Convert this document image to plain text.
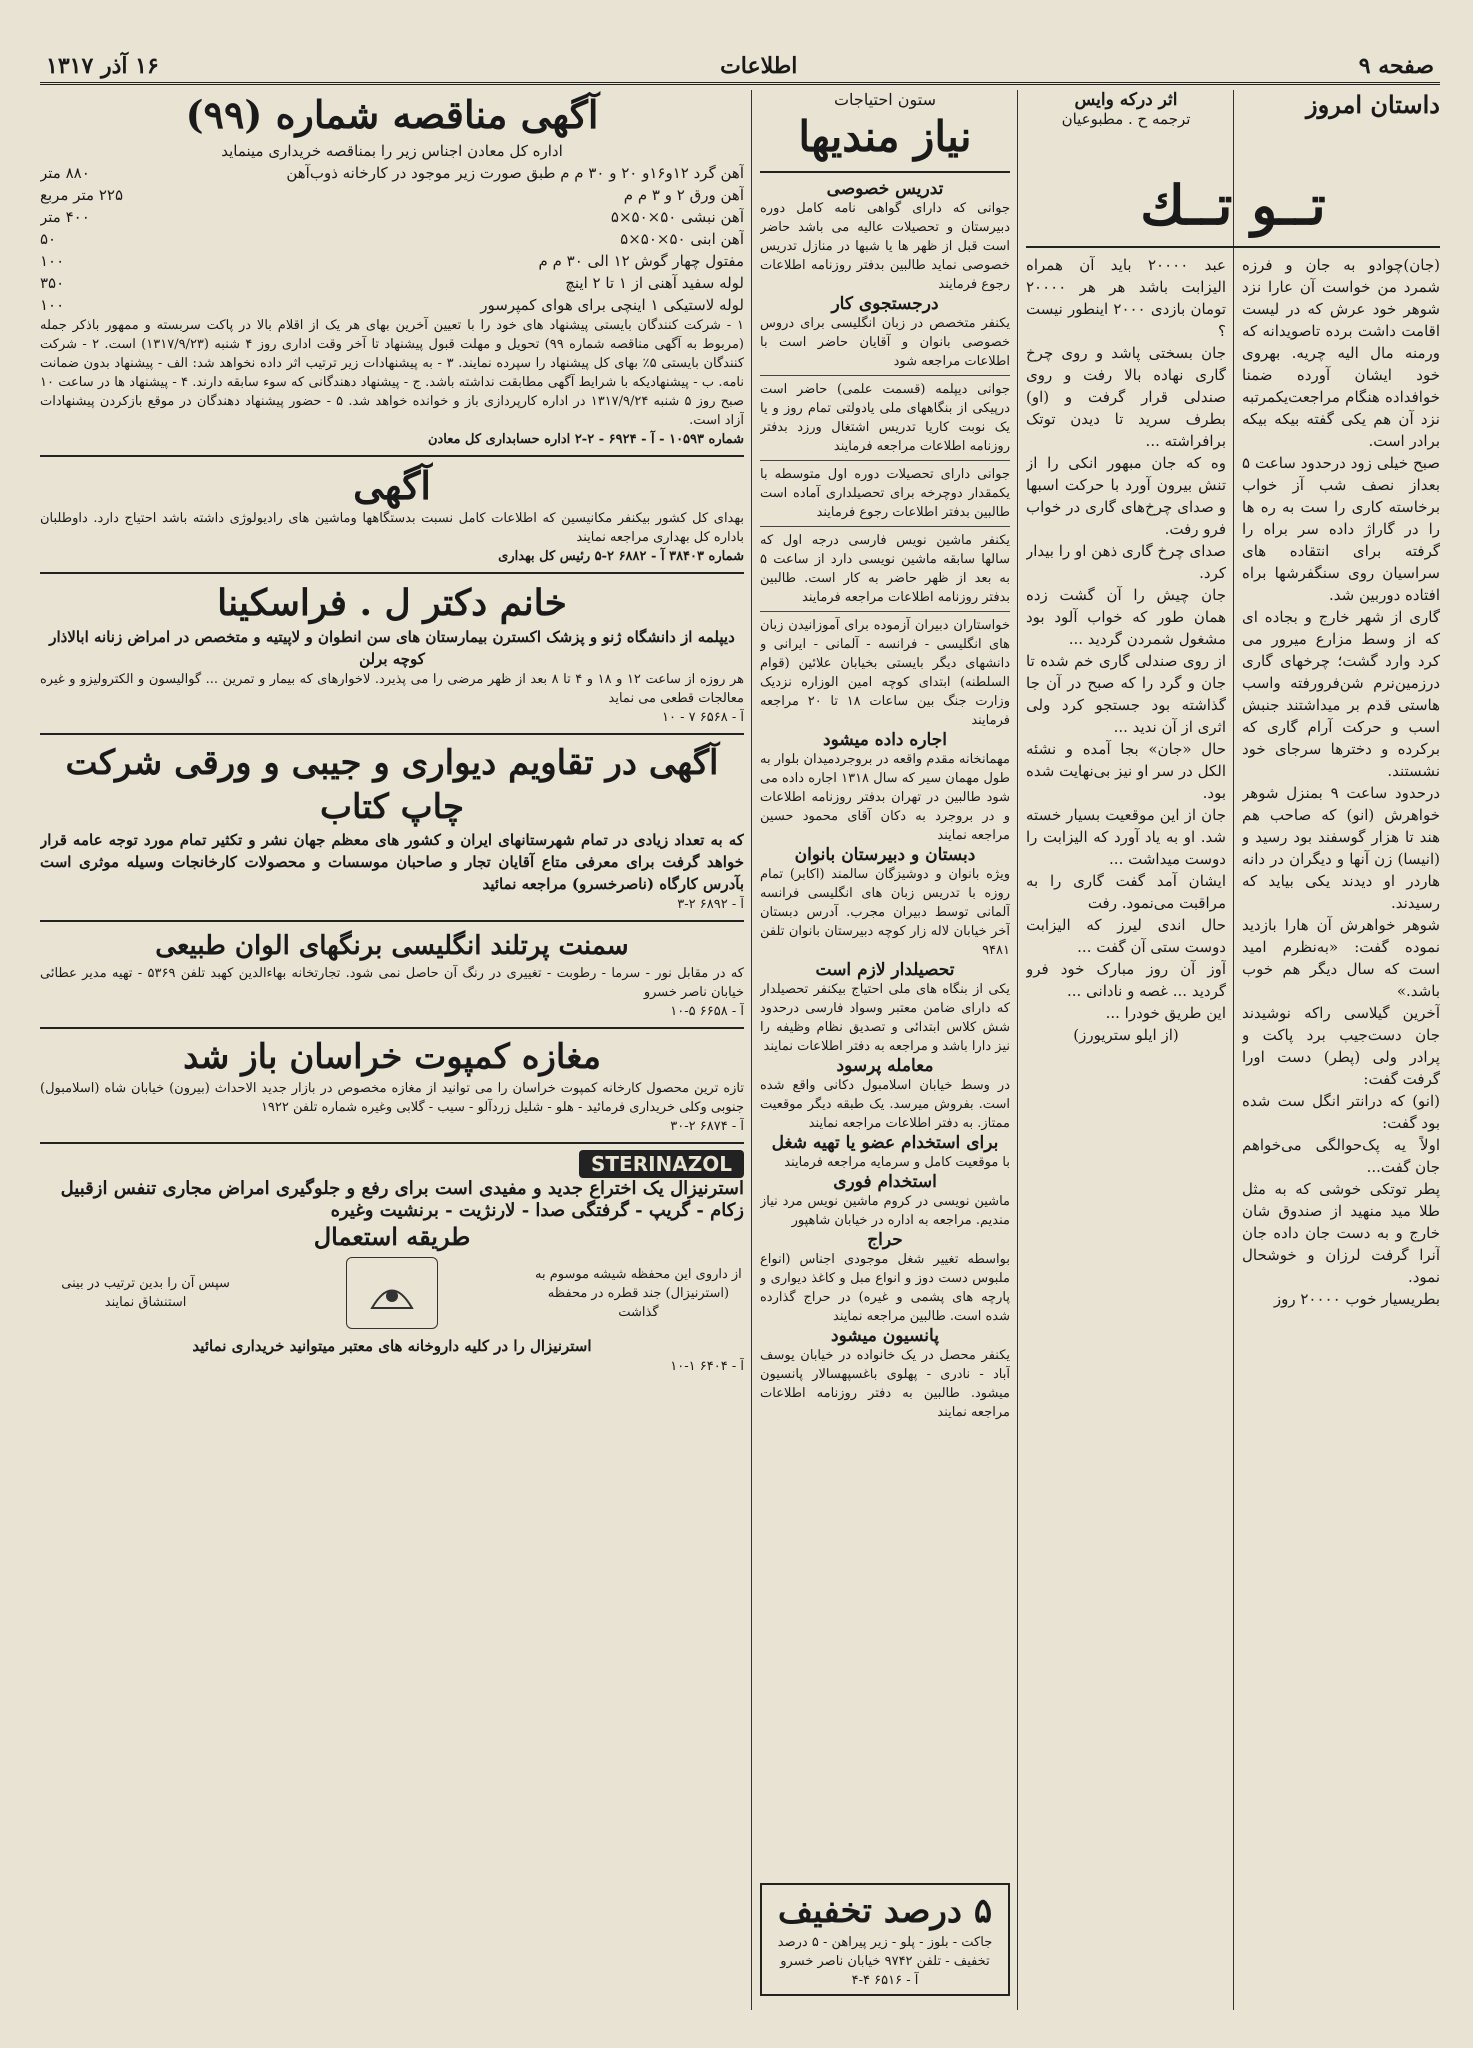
صفحه ۹
اطلاعات
۱۶ آذر ۱۳۱۷
داستان امروز
اثر درکه وایس
ترجمه ح . مطبوعیان
تــو تــك
(جان)چوادو به جان و فرزه شمرد من خواست آن عارا نزد شوهر خود عرش که در لیست اقامت داشت برده تاصویدانه که ورمنه مال الیه چریه. بهروی خود ایشان آورده ضمنا خوافداده هنگام مراجعت‌یکمرتبه نزد آن هم یکی گفته بیکه بیکه برادر است.
صبح خیلی زود درحدود ساعت ۵ بعداز نصف شب آز خواب برخاسته کاری را ست به ره ها را در گاراژ داده سر براه را گرفته برای انتقاده های سراسیان روی سنگفرشها براه افتاده دوربین شد.
گاری از شهر خارج و بجاده ای که از وسط مزارع میرور می کرد وارد گشت؛ چرخهای گاری درزمین‌نرم شن‌فرورفته واسب هاستی قدم بر میداشتند جنبش اسب و حرکت آرام گاری که برکرده و دخترها سرجای خود نشستند.
درحدود ساعت ۹ بمنزل شوهر خواهرش (انو) که صاحب هم هند تا هزار گوسفند بود رسید و (انیسا) زن آنها و دیگران در دانه هاردر او دیدند یکی بیاید که رسیدند.
شوهر خواهرش آن هارا بازدید نموده گفت: «به‌نظرم‌ امید است که سال دیگر هم خوب باشد.»
آخرین گیلاسی راکه نوشیدند جان دست‌جیب برد پاکت و پرادر ولی (پطر) دست اورا گرفت گفت:
(انو) که درانتر انگل ست شده بود گفت:
اولاً یه پک‌حوالگی می‌خواهم جان گفت...
پطر توتکی خوشی که به مثل طلا مید منهید از صندوق شان خارج و به دست جان داده جان آنرا گرفت لرزان و خوشحال نمود.
بطریسیار خوب ۲۰۰۰۰ روز
عبد ۲۰۰۰۰ باید آن همراه الیزابت باشد هر هر ۲۰۰۰۰ تومان بازدی ۲۰۰۰ اینطور نیست ؟
جان بسختی پاشد و روی چرخ گاری نهاده بالا رفت و روی صندلی قرار گرفت و (او) بطرف سرید تا دیدن توتک برافراشته ...
وه که جان مبهور انکی را از تنش بیرون آورد با حرکت اسبها و صدای چرخ‌های گاری در خواب فرو رفت.
صدای چرخ گاری ذهن او را بیدار کرد.
جان چیش را آن گشت زده همان طور که خواب آلود بود مشغول شمردن گردید ...
از روی صندلی گاری خم شده تا جان و گرد را که صبح در آن جا گذاشته بود جستجو کرد ولی اثری از آن ندید ...
حال «جان» بجا آمده و نشئه الکل در سر او نیز بی‌نهایت شده بود.
جان از این موقعیت بسیار خسته شد. او به یاد آورد که الیزابت را دوست میداشت ...
ایشان آمد گفت گاری را به مراقبت می‌نمود. رفت
حال اندی لیرز که الیزابت دوست ستی آن گفت ...
آوز آن روز مبارک خود فرو گردید ... غصه و نادانی ...
این طریق خودرا ...
(از ایلو ستریورز)
ستون احتیاجات
نیاز مندیها
تدریس خصوصی
جوانی که دارای گواهی نامه کامل دوره دبیرستان و تحصیلات عالیه می باشد حاضر است قبل از ظهر ها یا شبها در منازل تدریس خصوصی نماید طالبین بدفتر روزنامه اطلاعات رجوع فرمایند
درجستجوی کار
یکنفر متخصص در زبان انگلیسی برای دروس خصوصی بانوان و آقایان حاضر است با اطلاعات مراجعه شود
جوانی دیپلمه (قسمت علمی) حاضر است درپیکی از بنگاههای ملی یادولتی تمام روز و یا یک نوبت کاریا تدریس اشتغال ورزد بدفتر روزنامه اطلاعات مراجعه فرمایند
جوانی دارای تحصیلات دوره اول متوسطه با یکمقدار دوچرخه برای تحصیلداری آماده است طالبین بدفتر اطلاعات رجوع فرمایند
یکنفر ماشین نویس فارسی درجه اول که سالها سابقه ماشین نویسی دارد از ساعت ۵ به بعد از ظهر حاضر به کار است. طالبین بدفتر روزنامه اطلاعات مراجعه فرمایند
خواستاران دبیران آزموده برای آموزانیدن زبان های انگلیسی - فرانسه - آلمانی - ایرانی و دانشهای دیگر بایستی بخیابان علائین (قوام السلطنه) ابتدای کوچه امین الوزاره نزدیک وزارت جنگ بین ساعات ۱۸ تا ۲۰ مراجعه فرمایند
اجاره داده میشود
مهمانخانه مقدم واقعه در بروجردمیدان بلوار به طول مهمان سیر که سال ۱۳۱۸ اجاره داده می شود طالبین در تهران بدفتر روزنامه اطلاعات و در بروجرد به دکان آقای محمود حسین مراجعه نمایند
دبستان و دبیرستان بانوان
ویژه بانوان و دوشیزگان سالمند (اکابر) تمام روزه با تدریس زبان های انگلیسی فرانسه آلمانی توسط دبیران مجرب. آدرس دبستان آخر خیابان لاله زار کوچه دبیرستان بانوان تلفن ۹۴۸۱
تحصیلدار لازم است
یکی از بنگاه های ملی احتیاج بیکنفر تحصیلدار که دارای ضامن معتبر وسواد فارسی درحدود شش کلاس ابتدائی و تصدیق نظام وظیفه را نیز دارا باشد و مراجعه به دفتر اطلاعات نمایند
معامله پرسود
در وسط خیابان اسلامبول دکانی واقع شده است. بفروش میرسد. یک طبقه دیگر موقعیت ممتاز. به دفتر اطلاعات مراجعه نمایند
برای استخدام عضو یا تهیه شغل
با موقعیت کامل و سرمایه مراجعه فرمایند
استخدام فوری
ماشین نویسی در کروم ماشین نویس مرد نیاز مندیم. مراجعه به اداره در خیابان شاهپور
حراج
بواسطه تغییر شغل موجودی اجناس (انواع ملبوس دست دوز و انواع مبل و کاغذ دیواری و پارچه های پشمی و غیره) در حراج گذارده شده است. طالبین مراجعه نمایند
پانسیون میشود
یکنفر محصل در یک خانواده در خیابان یوسف آباد - نادری - پهلوی باغسپهسالار پانسیون میشود. طالبین به دفتر روزنامه اطلاعات مراجعه نمایند
۵ درصد تخفیف
جاکت - بلوز - پلو - زیر پیراهن - ۵ درصد تخفیف - تلفن ۹۷۴۲ خیابان ناصر خسرو
آ - ۶۵۱۶ ۴-۴
آگهی مناقصه شماره (۹۹)
اداره کل معادن اجناس زیر را بمناقصه خریداری مینماید
آهن گرد ۱۲و۱۶و ۲۰ و ۳۰ م م طبق صورت زیر موجود در کارخانه ذوب‌آهن
۸۸۰ متر
آهن ورق ۲ و ۳ م م
۲۲۵ متر مربع
آهن نبشی ۵۰×۵۰×۵
۴۰۰ متر
آهن ابنی ۵۰×۵۰×۵
۵۰
مفتول چهار گوش ۱۲ الی ۳۰ م م
۱۰۰
لوله سفید آهنی از ۱ تا ۲ اینچ
۳۵۰
لوله لاستیکی ۱ اینچی برای هوای کمپرسور
۱۰۰
۱ - شرکت کنندگان بایستی پیشنهاد های خود را با تعیین آخرین بهای هر یک از اقلام بالا در پاکت سربسته و ممهور باذکر جمله (مربوط به آگهی مناقصه شماره ۹۹) تحویل و مهلت قبول پیشنهاد تا آخر وقت اداری روز ۴ شنبه (۱۳۱۷/۹/۲۳) است. ۲ - شرکت کنندگان بایستی ۵٪ بهای کل پیشنهاد را سپرده نمایند. ۳ - به پیشنهادات زیر ترتیب اثر داده نخواهد شد: الف - پیشنهاد بدون ضمانت نامه. ب - پیشنهادیکه با شرایط آگهی مطابقت نداشته باشد. ج - پیشنهاد دهندگانی که سوء سابقه دارند. ۴ - پیشنهاد ها در ساعت ۱۰ صبح روز ۵ شنبه ۱۳۱۷/۹/۲۴ در اداره کارپردازی باز و خوانده خواهد شد. ۵ - حضور پیشنهاد دهندگان در موقع بازکردن پیشنهادات آزاد است.
شماره ۱۰۵۹۳ - آ - ۶۹۲۴ - ۲-۲ اداره حسابداری کل معادن
آگهی
بهدای کل کشور بیکنفر مکانیسین که اطلاعات کامل نسبت بدستگاهها وماشین های رادیولوژی داشته باشد احتیاج دارد. داوطلبان باداره کل بهداری مراجعه نمایند
شماره ۳۸۴۰۳ آ - ۶۸۸۲ ۲-۵ رئیس کل بهداری
خانم دکتر ل . فراسکینا
دیپلمه از دانشگاه ژنو و پزشک اکسترن بیمارستان های سن انطوان و لاپیتیه و متخصص در امراض زنانه ابالاذار کوچه برلن
هر روزه از ساعت ۱۲ و ۱۸ و ۴ تا ۸ بعد از ظهر مرضی را می پذیرد. لاخوارهای که بیمار و تمرین ... گوالیسون و الکترولیزو و غیره معالجات قطعی می نماید
آ - ۶۵۶۸ ۷ - ۱۰
آگهی در تقاویم دیواری و جیبی و ورقی شرکت چاپ کتاب
که به تعداد زیادی در تمام شهرستانهای ایران و کشور های معظم جهان نشر و تکثیر تمام مورد توجه عامه قرار خواهد گرفت برای معرفی متاع آقایان تجار و صاحبان موسسات و محصولات کارخانجات وسیله موثری است بآدرس کارگاه (ناصرخسرو) مراجعه نمائید
آ - ۶۸۹۲ ۲-۳
سمنت پرتلند انگلیسی برنگهای الوان طبیعی
که در مقابل نور - سرما - رطوبت - تغییری در رنگ آن حاصل نمی شود. تجارتخانه بهاءالدین کهبد تلفن ۵۳۶۹ - تهیه مدیر عطائی خیابان ناصر خسرو
آ - ۶۶۵۸ ۵-۱۰
مغازه کمپوت خراسان باز شد
تازه ترین محصول کارخانه کمپوت خراسان را می توانید از مغازه مخصوص در بازار جدید الاحداث (بیرون) خیابان شاه (اسلامبول) جنوبی وکلی خریداری فرمائید - هلو - شلیل زردآلو - سیب - گلابی وغیره شماره تلفن ۱۹۲۲
آ - ۶۸۷۴ ۲-۳۰
STERINAZOL
استرنیزال یک اختراع جدید و مفیدی است برای رفع و جلوگیری امراض مجاری تنفس ازقبیل
زکام - گریپ - گرفتگی صدا - لارنژیت - برنشیت وغیره
طریقه استعمال
از داروی این محفظه شیشه موسوم به (استرنیزال) جند قطره در محفظه گذاشت
سپس آن را بدین ترتیب در بینی استنشاق نمایند
استرنیزال را در کلیه داروخانه های معتبر میتوانید خریداری نمائید
آ - ۶۴۰۴ ۱-۱۰
